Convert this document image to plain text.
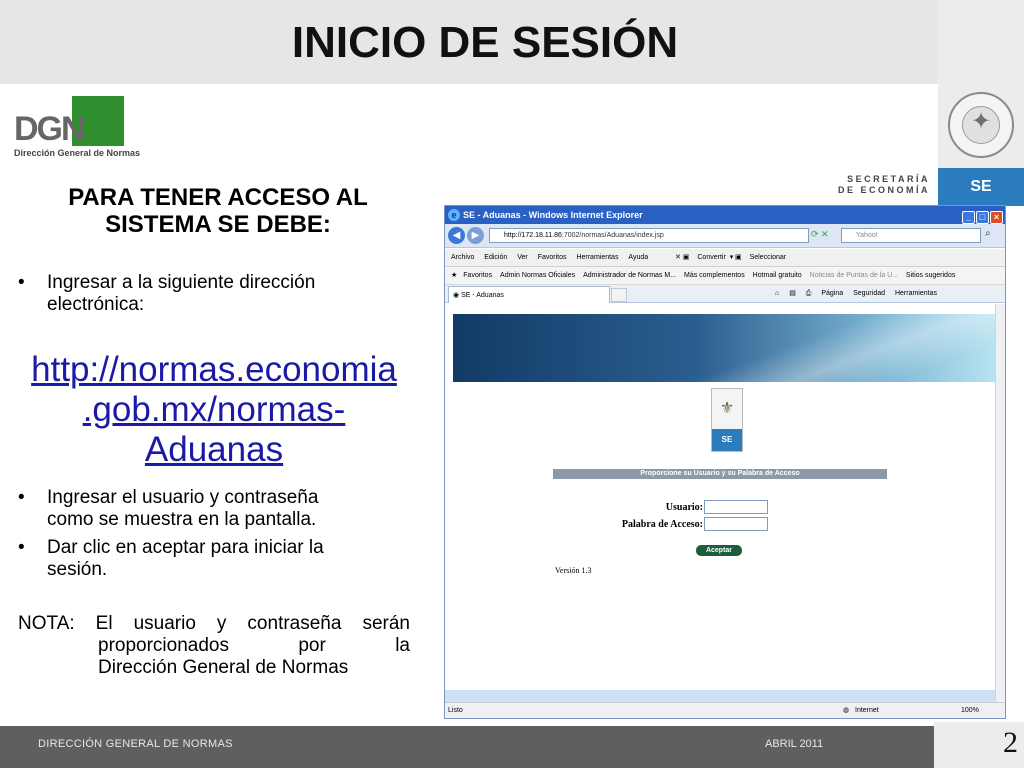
INICIO DE SESIÓN
✦
SECRETARÍA
DE ECONOMÍA	SE
DGN
Dirección General de Normas
PARA TENER ACCESO AL
SISTEMA SE DEBE:
• Ingresar a la siguiente dirección
electrónica:
http://normas.economia
.gob.mx/normas-
Aduanas
• Ingresar el usuario y contraseña
como se muestra en la pantalla.
• Dar clic en aceptar para iniciar la
sesión.
NOTA: El usuario y contraseña serán
proporcionados por la
Dirección General de Normas
e SE - Aduanas - Windows Internet Explorer	_ □ ×
◀	▶	http://172.18.11.86:7002/normas/Aduanas/index.jsp	⟳ ✕	Yahoo!	⌕
Archivo Edición Ver Favoritos Herramientas Ayuda	✕ ▣ Convertir ▾ ▣ Seleccionar
★ Favoritos Admin Normas Oficiales Administrador de Normas M... Más complementos Hotmail gratuito Noticias de Puntas de la U... Sitios sugeridos
◉ SE - Aduanas	⌂ ▤ ⎙ Página Seguridad Herramientas
⚜
SE
Proporcione su Usuario y su Palabra de Acceso
Usuario:
Palabra de Acceso:
Aceptar
Versión 1.3
Listo	◍ Internet	100%
DIRECCIÓN GENERAL DE NORMAS	ABRIL 2011	2
